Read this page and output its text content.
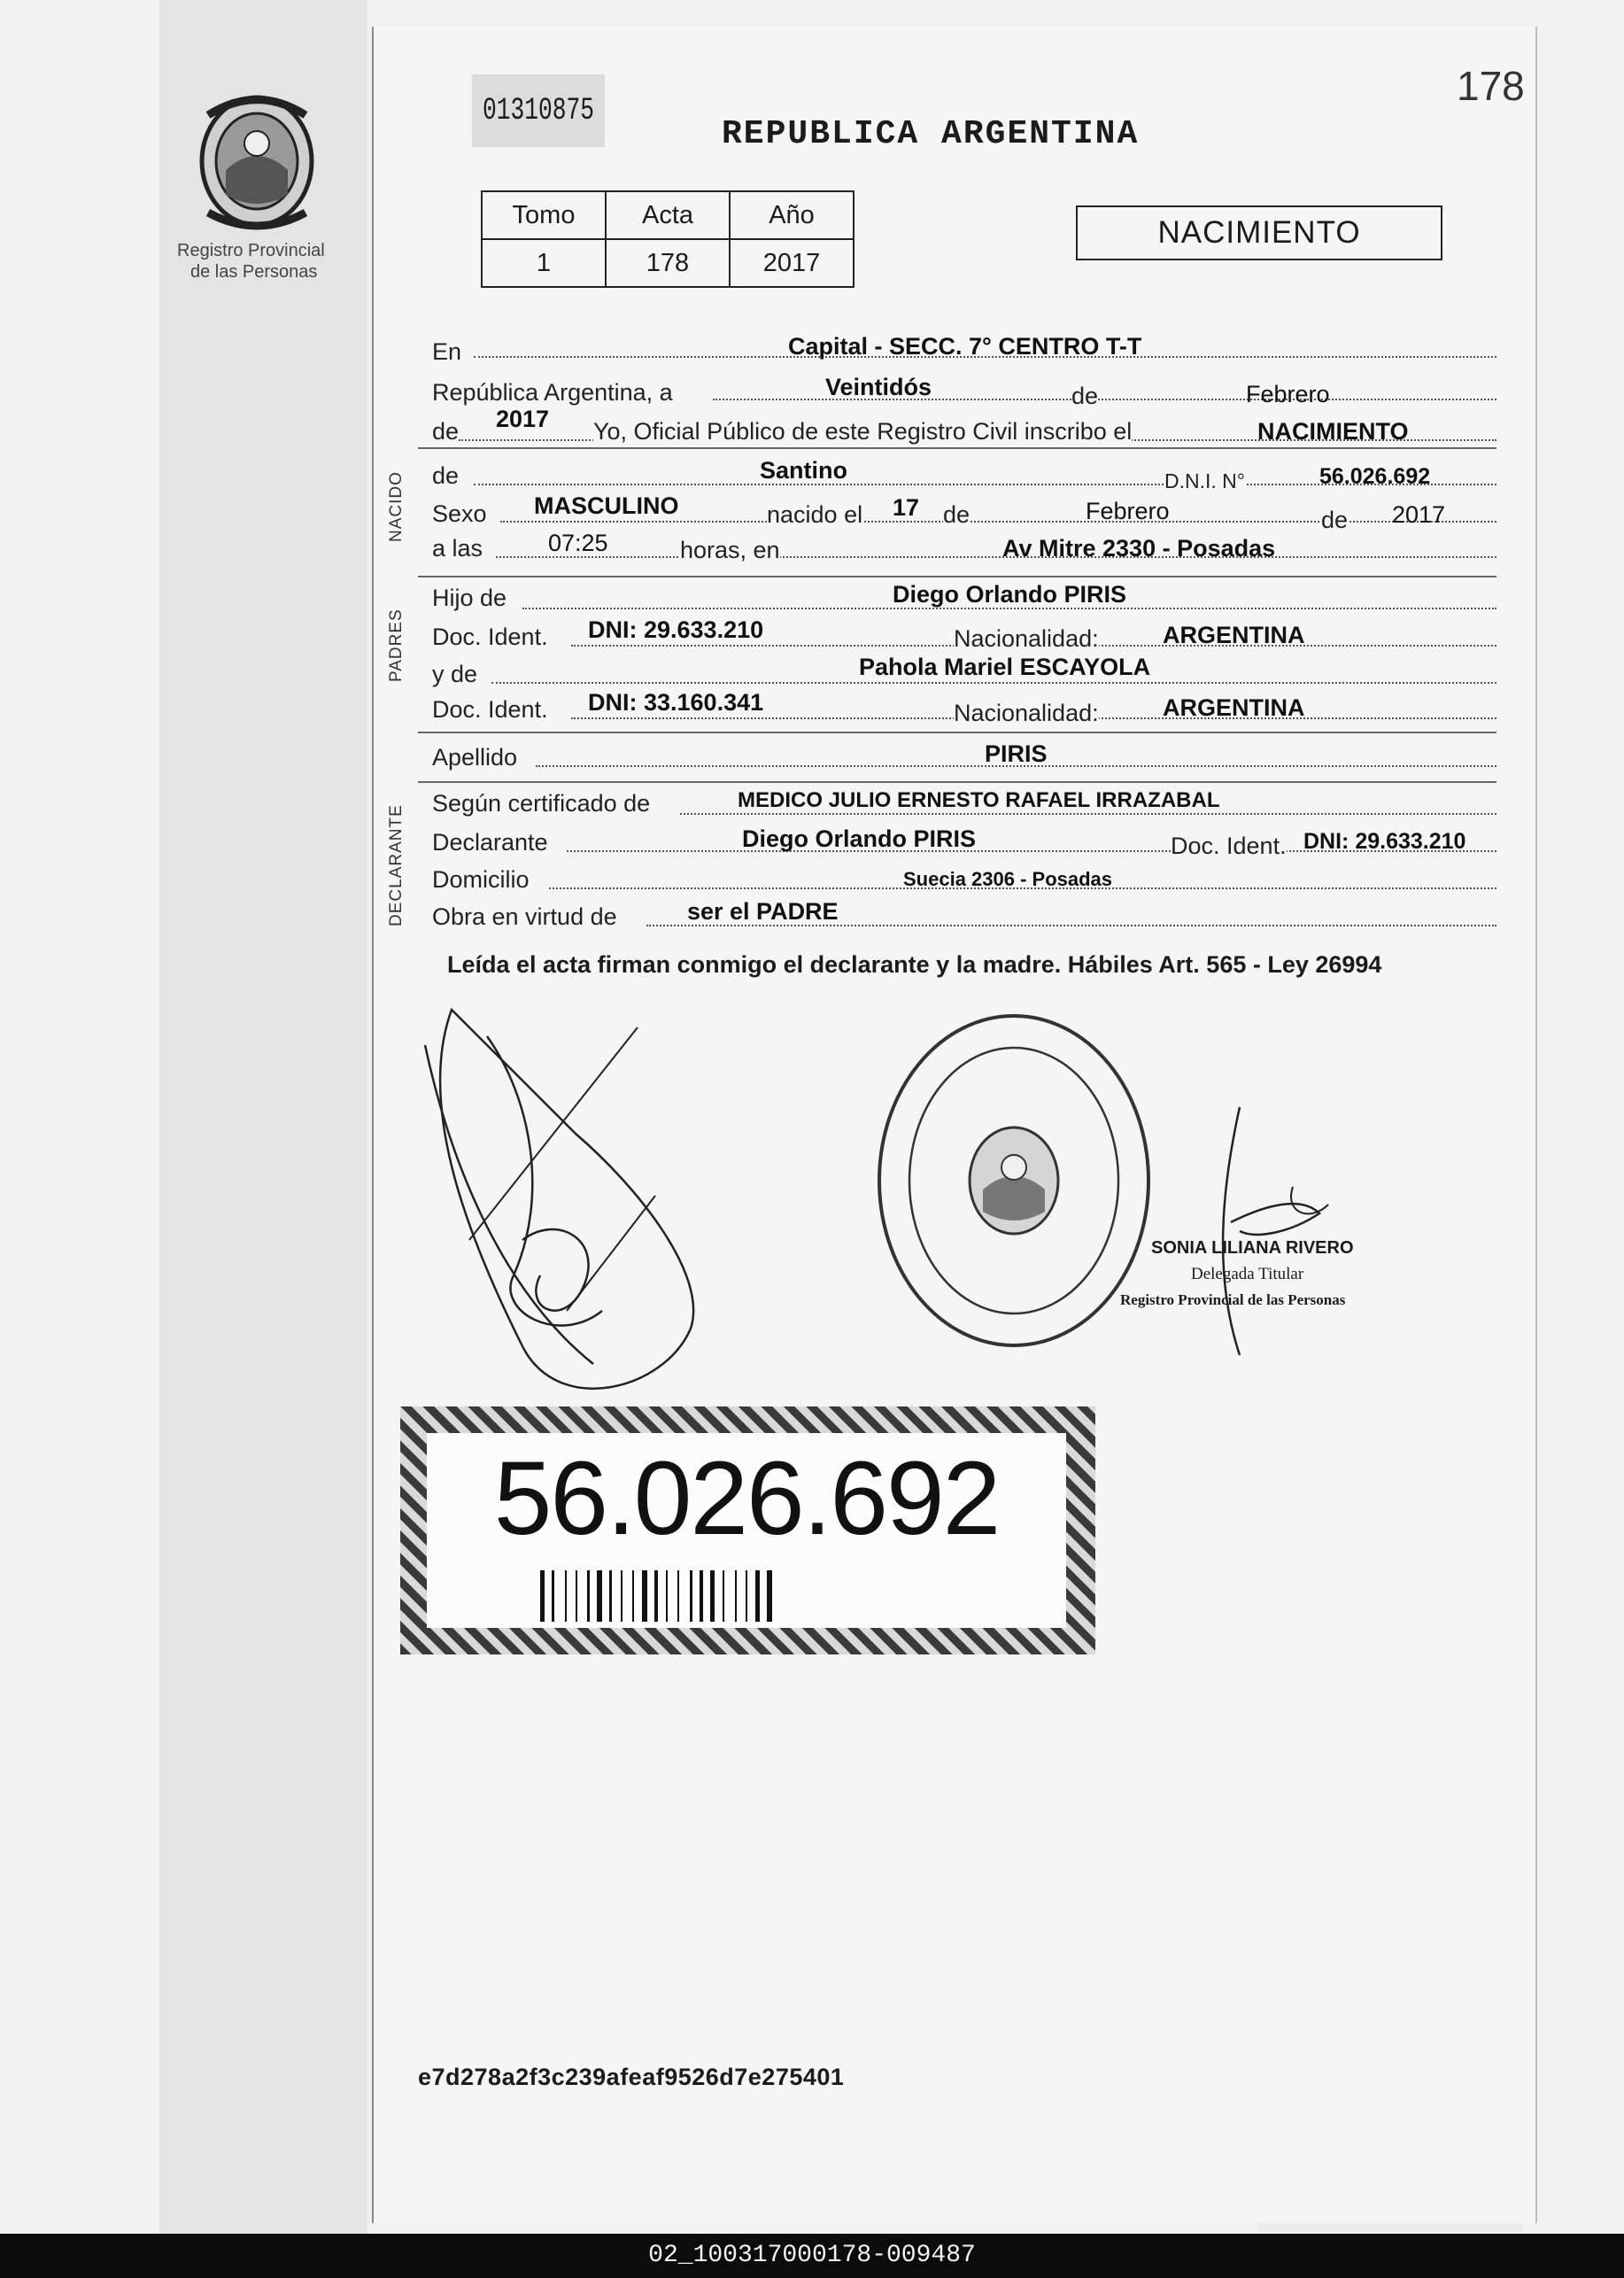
Registro Provincial
de las Personas
01310875
REPUBLICA ARGENTINA
178
Tomo	Acta	Año
1	178	2017
NACIMIENTO
En	Capital - SECC. 7° CENTRO T-T
República Argentina, a	Veintidós	de	Febrero
de 2017 Yo, Oficial Público de este Registro Civil inscribo el	NACIMIENTO
NACIDO de	Santino	D.N.I. N°	56.026.692
Sexo MASCULINO	nacido el 17 de	Febrero	de 2017
a las	07:25	horas, en	Av Mitre 2330 - Posadas
PADRES
Hijo de	Diego Orlando PIRIS
Doc. Ident. DNI: 29.633.210	Nacionalidad:	ARGENTINA
y de	Pahola Mariel ESCAYOLA
Doc. Ident. DNI: 33.160.341	Nacionalidad:	ARGENTINA
Apellido	PIRIS
DECLARANTE
Según certificado de	MEDICO JULIO ERNESTO RAFAEL IRRAZABAL
Declarante	Diego Orlando PIRIS	Doc. Ident. DNI: 29.633.210
Domicilio	Suecia 2306 - Posadas
Obra en virtud de	ser el PADRE
Leída el acta firman conmigo el declarante y la madre. Hábiles Art. 565 - Ley 26994
SONIA LILIANA RIVERO
Delegada Titular
Registro Provincial de las Personas
56.026.692
e7d278a2f3c239afeaf9526d7e275401
02_100317000178-009487
